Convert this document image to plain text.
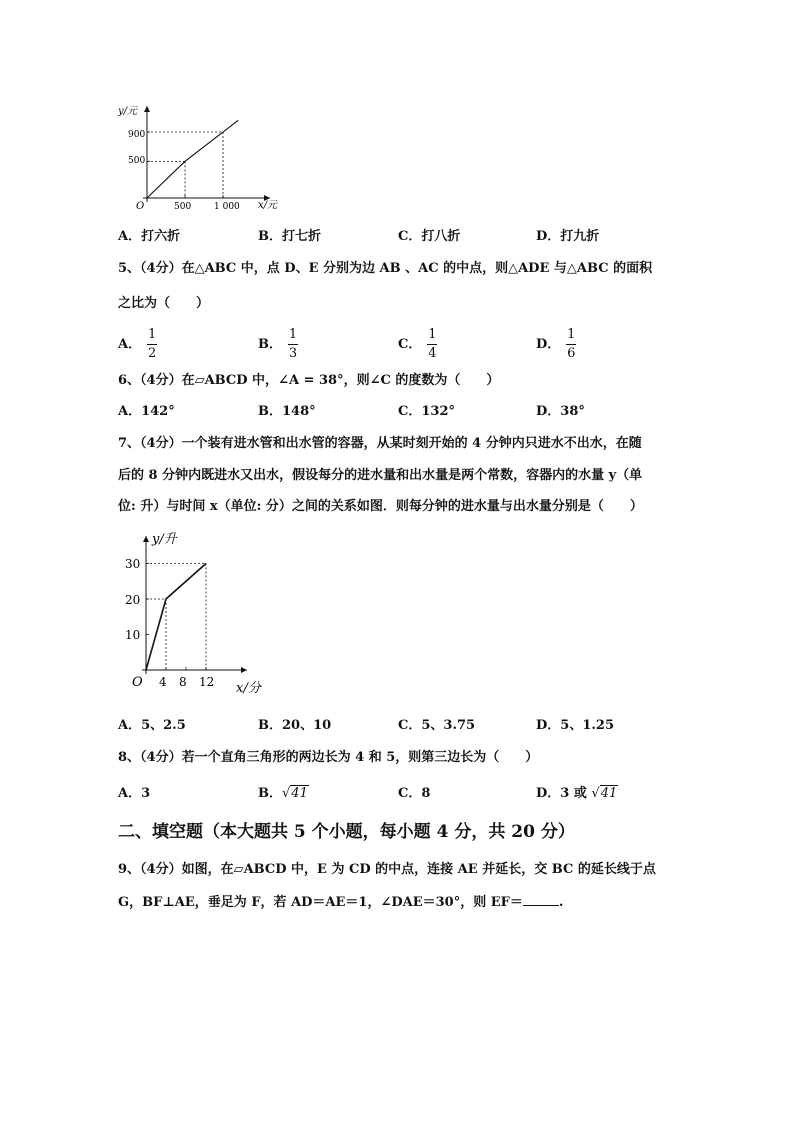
y/元
x/元
O	500	1 000
500
900
A．打六折	B．打七折	C．打八折	D．打九折
5、（4分）在△ABC 中，点 D、E 分别为边 AB 、AC 的中点，则△ADE 与△ABC 的面积
之比为（　　）
A． $\frac{1}{2}$	B． $\frac{1}{3}$	C． $\frac{1}{4}$	D． $\frac{1}{6}$
6、（4分）在▱ABCD 中，∠A = 38°，则∠C 的度数为（　　）
A．142°	B．148°	C．132°	D．38°
7、（4分）一个装有进水管和出水管的容器，从某时刻开始的 4 分钟内只进水不出水，在随
后的 8 分钟内既进水又出水，假设每分的进水量和出水量是两个常数，容器内的水量 y（单
位: 升）与时间 x（单位: 分）之间的关系如图．则每分钟的进水量与出水量分别是（　　）
y/升
x/分
O 4 8 12
10
20
30
A．5、2.5	B．20、10	C．5、3.75	D．5、1.25
8、（4分）若一个直角三角形的两边长为 4 和 5，则第三边长为（　　）
A．3	B．√41	C．8	D．3 或 √41
二、填空题（本大题共 5 个小题，每小题 4 分，共 20 分）
9、（4分）如图，在▱ABCD 中，E 为 CD 的中点，连接 AE 并延长，交 BC 的延长线于点
G，BF⊥AE，垂足为 F，若 AD＝AE＝1，∠DAE＝30°，则 EF＝	.
